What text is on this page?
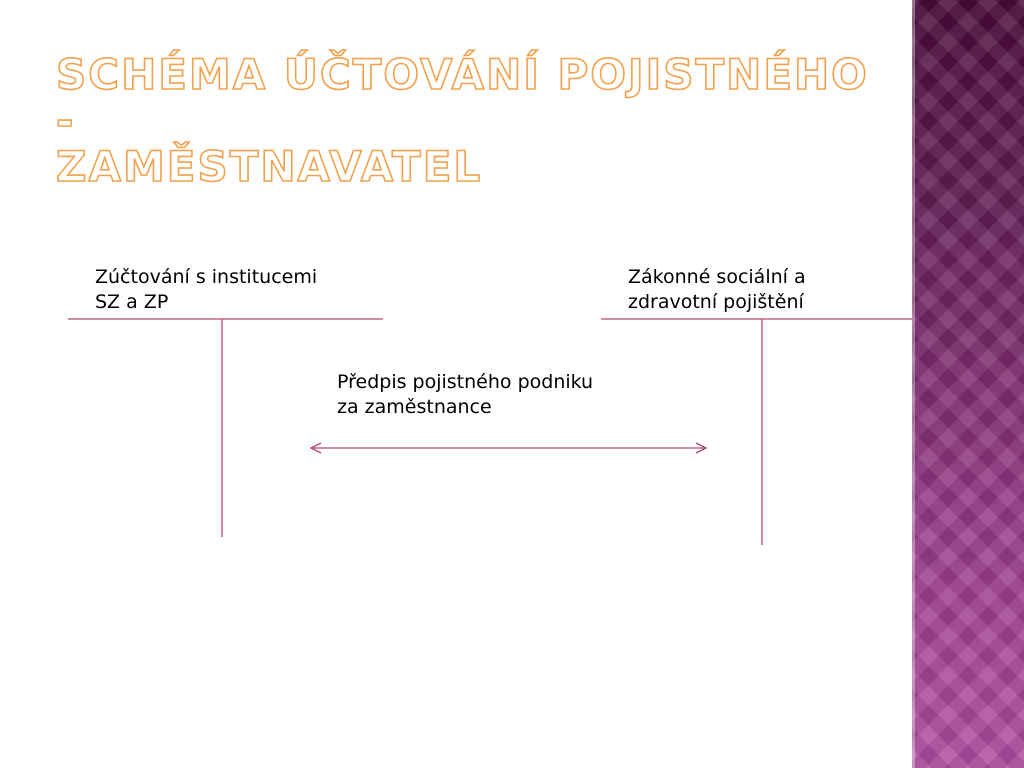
SCHÉMA ÚČTOVÁNÍ POJISTNÉHO -
ZAMĚSTNAVATEL

Zúčtování s institucemi
SZ a ZP

Zákonné sociální a
zdravotní pojištění

Předpis pojistného podniku
za zaměstnance
